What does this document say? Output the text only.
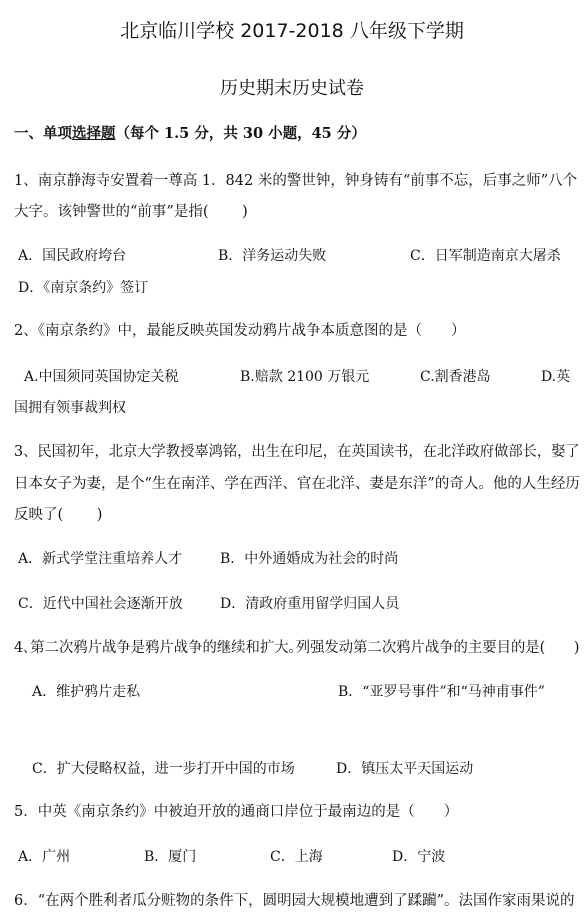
北京临川学校 2017-2018 八年级下学期
历史期末历史试卷
一、单项选择题（每个 1.5 分，共 30 小题，45 分）
1、南京静海寺安置着一尊高 1．842 米的警世钟，钟身铸有“前事不忘，后事之师”八个
大字。该钟警世的“前事”是指(　　 )
A．国民政府垮台	B．洋务运动失败	C．日军制造南京大屠杀
D．《南京条约》签订
2、《南京条约》中，最能反映英国发动鸦片战争本质意图的是（　　）
A.中国须同英国协定关税	B.赔款 2100 万银元	C.割香港岛	D.英
国拥有领事裁判权
3、民国初年，北京大学教授辜鸿铭，出生在印尼，在英国读书，在北洋政府做部长，娶了
日本女子为妻，是个“生在南洋、学在西洋、官在北洋、妻是东洋”的奇人。他的人生经历
反映了(　　 )
A．新式学堂注重培养人才	B．中外通婚成为社会的时尚
C．近代中国社会逐渐开放	D．清政府重用留学归国人员
4､第二次鸦片战争是鸦片战争的继续和扩大｡列强发动第二次鸦片战争的主要目的是(　　)
A．维护鸦片走私	B．“亚罗号事件”和“马神甫事件”
C．扩大侵略权益，进一步打开中国的市场	D．镇压太平天国运动
5．中英《南京条约》中被迫开放的通商口岸位于最南边的是（　　）
A．广州	B．厦门	C．上海	D．宁波
6．“在两个胜利者瓜分赃物的条件下，圆明园大规模地遭到了蹂躏”。法国作家雨果说的
